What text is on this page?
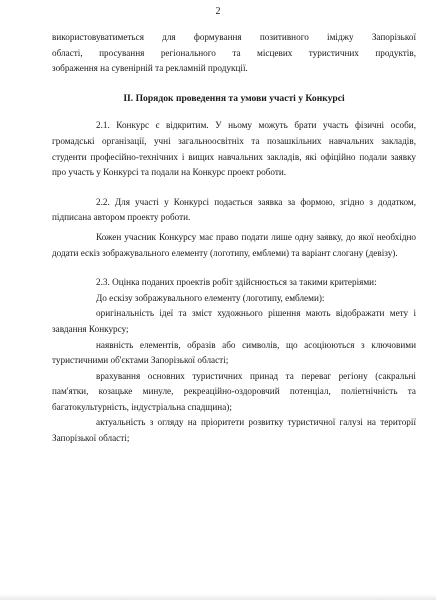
2

використовуватиметься для формування позитивного іміджу Запорізької

області, просування регіонального та місцевих туристичних продуктів,

зображення на сувенірній та рекламній продукції.

II. Порядок проведення та умови участі у Конкурсі

2.1. Конкурс є відкритим. У ньому можуть брати участь фізичні особи, громадські організації, учні загальноосвітніх та позашкільних навчальних закладів, студенти професійно-технічних і вищих навчальних закладів, які офіційно подали заявку про участь у Конкурсі та подали на Конкурс проект роботи.

2.2. Для участі у Конкурсі подається заявка за формою, згідно з додатком, підписана автором проекту роботи.

Кожен учасник Конкурсу має право подати лише одну заявку, до якої необхідно додати ескіз зображувального елементу (логотипу, емблеми) та варіант слогану (девізу).

2.3. Оцінка поданих проектів робіт здійснюється за такими критеріями:

До ескізу зображувального елементу (логотипу, емблеми):

оригінальність ідеї та зміст художнього рішення мають відображати мету і завдання Конкурсу;

наявність елементів, образів або символів, що асоціюються з ключовими туристичними об'єктами Запорізької області;

врахування основних туристичних принад та переваг регіону (сакральні пам'ятки, козацьке минуле, рекреаційно-оздоровчий потенціал, поліетнічність та багатокультурність, індустріальна спадщина);

актуальність з огляду на пріоритети розвитку туристичної галузі на території Запорізької області;
